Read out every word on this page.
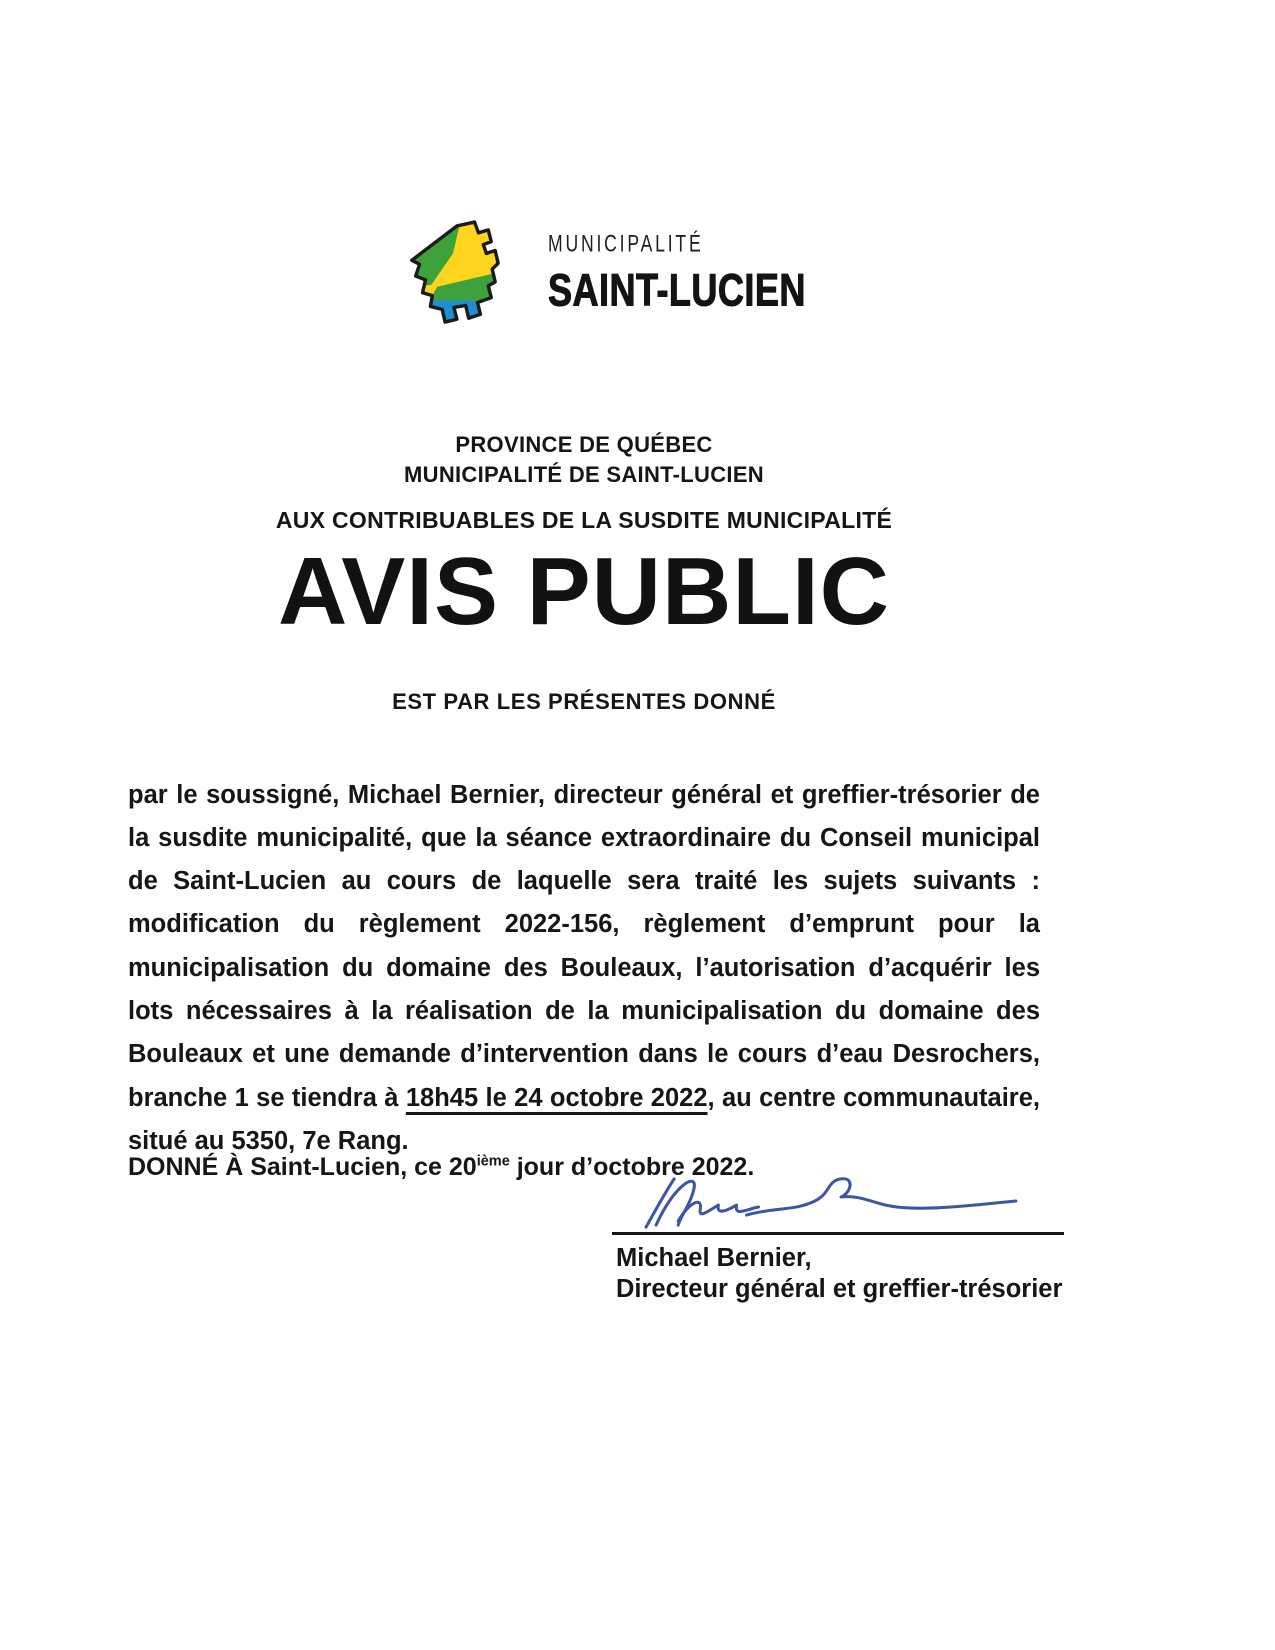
MUNICIPALITÉ
SAINT-LUCIEN
PROVINCE DE QUÉBEC
MUNICIPALITÉ DE SAINT-LUCIEN
AUX CONTRIBUABLES DE LA SUSDITE MUNICIPALITÉ
AVIS PUBLIC
EST PAR LES PRÉSENTES DONNÉ

par le soussigné, Michael Bernier, directeur général et greffier-trésorier de la susdite municipalité, que la séance extraordinaire du Conseil municipal de Saint-Lucien au cours de laquelle sera traité les sujets suivants : modification du règlement 2022-156, règlement d’emprunt pour la municipalisation du domaine des Bouleaux, l’autorisation d’acquérir les lots nécessaires à la réalisation de la municipalisation du domaine des Bouleaux et une demande d’intervention dans le cours d’eau Desrochers, branche 1 se tiendra à 18h45 le 24 octobre 2022, au centre communautaire, situé au 5350, 7e Rang.

DONNÉ À Saint-Lucien, ce 20ième jour d’octobre 2022.

Michael Bernier,
Directeur général et greffier-trésorier
